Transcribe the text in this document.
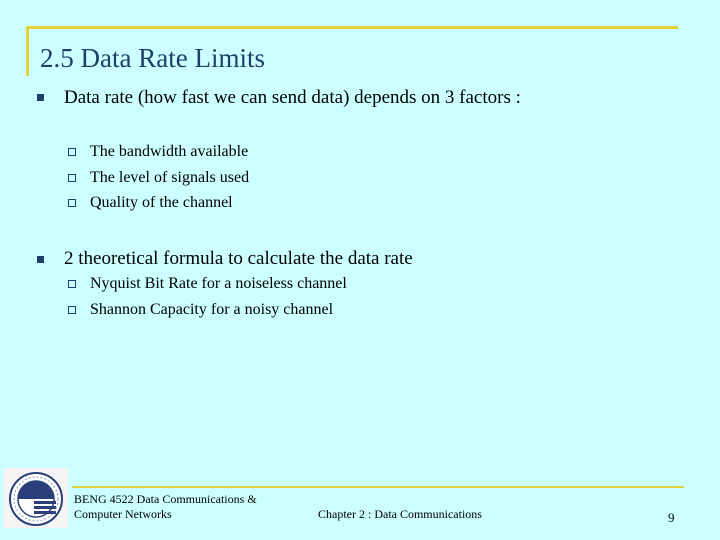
2.5 Data Rate Limits
Data rate (how fast we can send data) depends on 3 factors :
The bandwidth available
The level of signals used
Quality of the channel
2 theoretical formula to calculate the data rate
Nyquist Bit Rate for a noiseless channel
Shannon Capacity for a noisy channel
BENG 4522 Data Communications &
Computer Networks	Chapter 2 : Data Communications	9
